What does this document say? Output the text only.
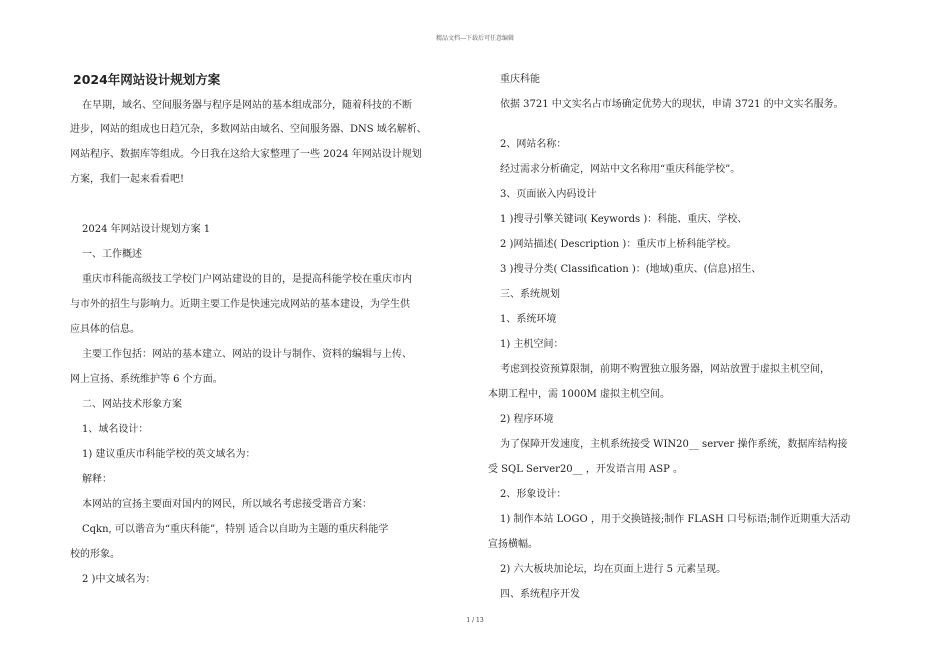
精品文档---下载后可任意编辑
2024年网站设计规划方案
在早期，域名、空间服务器与程序是网站的基本组成部分，随着科技的不断
进步，网站的组成也日趋冗杂，多数网站由域名、空间服务器、DNS 域名解析、
网站程序、数据库等组成。今日我在这给大家整理了一些 2024 年网站设计规划
方案，我们一起来看看吧!
2024 年网站设计规划方案 1
一、工作概述
重庆市科能高级技工学校门户网站建设的目的，是提高科能学校在重庆市内
与市外的招生与影响力。近期主要工作是快速完成网站的基本建设，为学生供
应具体的信息。
主要工作包括：网站的基本建立、网站的设计与制作、资料的编辑与上传、
网上宣扬、系统维护等 6 个方面。
二、网站技术形象方案
1、域名设计：
1) 建议重庆市科能学校的英文域名为：
解释：
本网站的宣扬主要面对国内的网民，所以域名考虑接受谐音方案：
Cqkn, 可以谐音为“重庆科能”，特别 适合以自助为主题的重庆科能学
校的形象。
2 )中文域名为：
重庆科能
依据 3721 中文实名占市场确定优势大的现状，申请 3721 的中文实名服务。
2、网站名称：
经过需求分析确定，网站中文名称用“重庆科能学校”。
3、页面嵌入内码设计
1 )搜寻引擎关键词( Keywords )：科能、重庆、学校、
2 )网站描述( Description )：重庆市上桥科能学校。
3 )搜寻分类( Classification )：(地域)重庆、(信息)招生、
三、系统规划
1、系统环境
1) 主机空间：
考虑到投资预算限制，前期不购置独立服务器，网站放置于虚拟主机空间，
本期工程中，需 1000M 虚拟主机空间。
2) 程序环境
为了保障开发速度，主机系统接受 WIN20__ server 操作系统，数据库结构接
受 SQL Server20__ ，开发语言用 ASP 。
2、形象设计：
1) 制作本站 LOGO ，用于交换链接;制作 FLASH 口号标语;制作近期重大活动
宣扬横幅。
2) 六大板块加论坛，均在页面上进行 5 元素呈现。
四、系统程序开发
1 / 13
